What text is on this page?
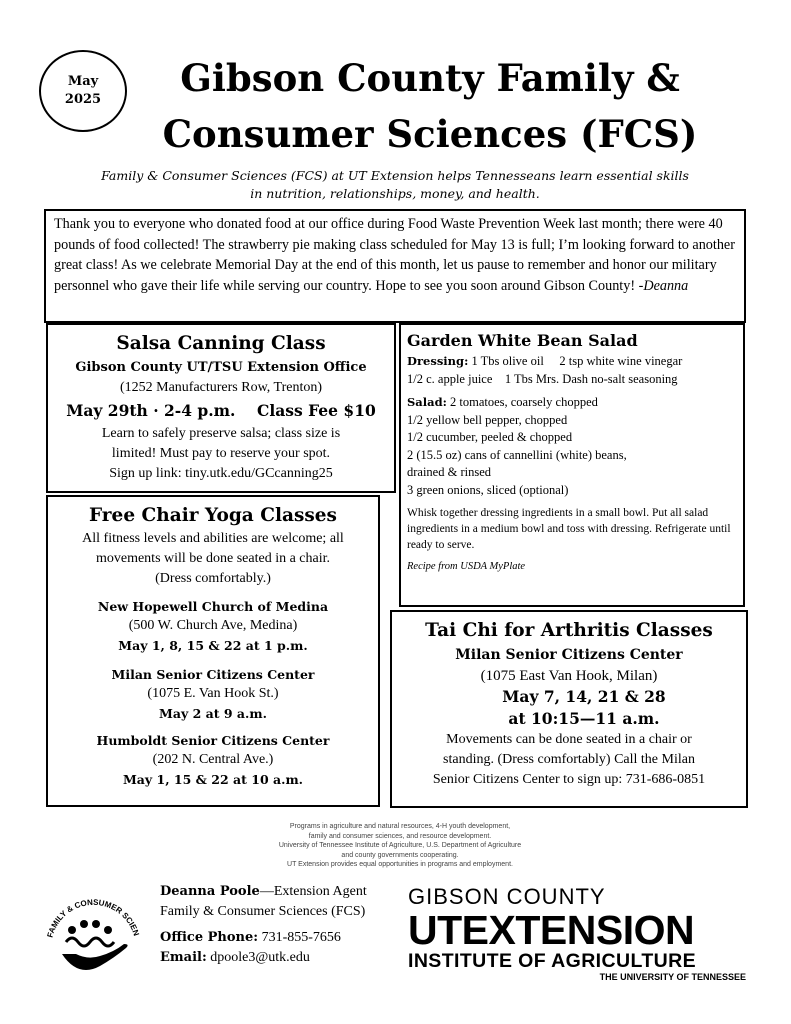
May
2025	Gibson County Family &
Consumer Sciences (FCS)
Family & Consumer Sciences (FCS) at UT Extension helps Tennesseans learn essential skills
in nutrition, relationships, money, and health.

Thank you to everyone who donated food at our office during Food Waste Prevention Week last month; there were 40 pounds of food collected! The strawberry pie making class scheduled for May 13 is full; I’m looking forward to another great class! As we celebrate Memorial Day at the end of this month, let us pause to remember and honor our military personnel who gave their life while serving our country. Hope to see you soon around Gibson County! -Deanna

Salsa Canning Class
Gibson County UT/TSU Extension Office
(1252 Manufacturers Row, Trenton)
May 29th · 2-4 p.m. Class Fee $10
Learn to safely preserve salsa; class size is
limited! Must pay to reserve your spot.
Sign up link: tiny.utk.edu/GCcanning25
Free Chair Yoga Classes
All fitness levels and abilities are welcome; all
movements will be done seated in a chair.
(Dress comfortably.)
New Hopewell Church of Medina
(500 W. Church Ave, Medina)
May 1, 8, 15 & 22 at 1 p.m.
Milan Senior Citizens Center
(1075 E. Van Hook St.)
May 2 at 9 a.m.
Humboldt Senior Citizens Center
(202 N. Central Ave.)
May 1, 15 & 22 at 10 a.m.
Garden White Bean Salad
Dressing: 1 Tbs olive oil     2 tsp white wine vinegar
1/2 c. apple juice    1 Tbs Mrs. Dash no-salt seasoning
Salad: 2 tomatoes, coarsely chopped
1/2 yellow bell pepper, chopped
1/2 cucumber, peeled & chopped
2 (15.5 oz) cans of cannellini (white) beans,
drained & rinsed
3 green onions, sliced (optional)
Whisk together dressing ingredients in a small bowl. Put all salad ingredients in a medium bowl and toss with dressing. Refrigerate until ready to serve.
Recipe from USDA MyPlate
Tai Chi for Arthritis Classes
Milan Senior Citizens Center
(1075 East Van Hook, Milan)
May 7, 14, 21 & 28
at 10:15—11 a.m.
Movements can be done seated in a chair or
standing. (Dress comfortably) Call the Milan
Senior Citizens Center to sign up: 731-686-0851
Programs in agriculture and natural resources, 4-H youth development,
family and consumer sciences, and resource development.
University of Tennessee Institute of Agriculture, U.S. Department of Agriculture
and county governments cooperating.
UT Extension provides equal opportunities in programs and employment.
FAMILY & CONSUMER SCIEN
Deanna Poole—Extension Agent
Family & Consumer Sciences (FCS)
Office Phone: 731-855-7656
Email: dpoole3@utk.edu
GIBSON COUNTY
UTEXTENSION
INSTITUTE OF AGRICULTURE
THE UNIVERSITY OF TENNESSEE
